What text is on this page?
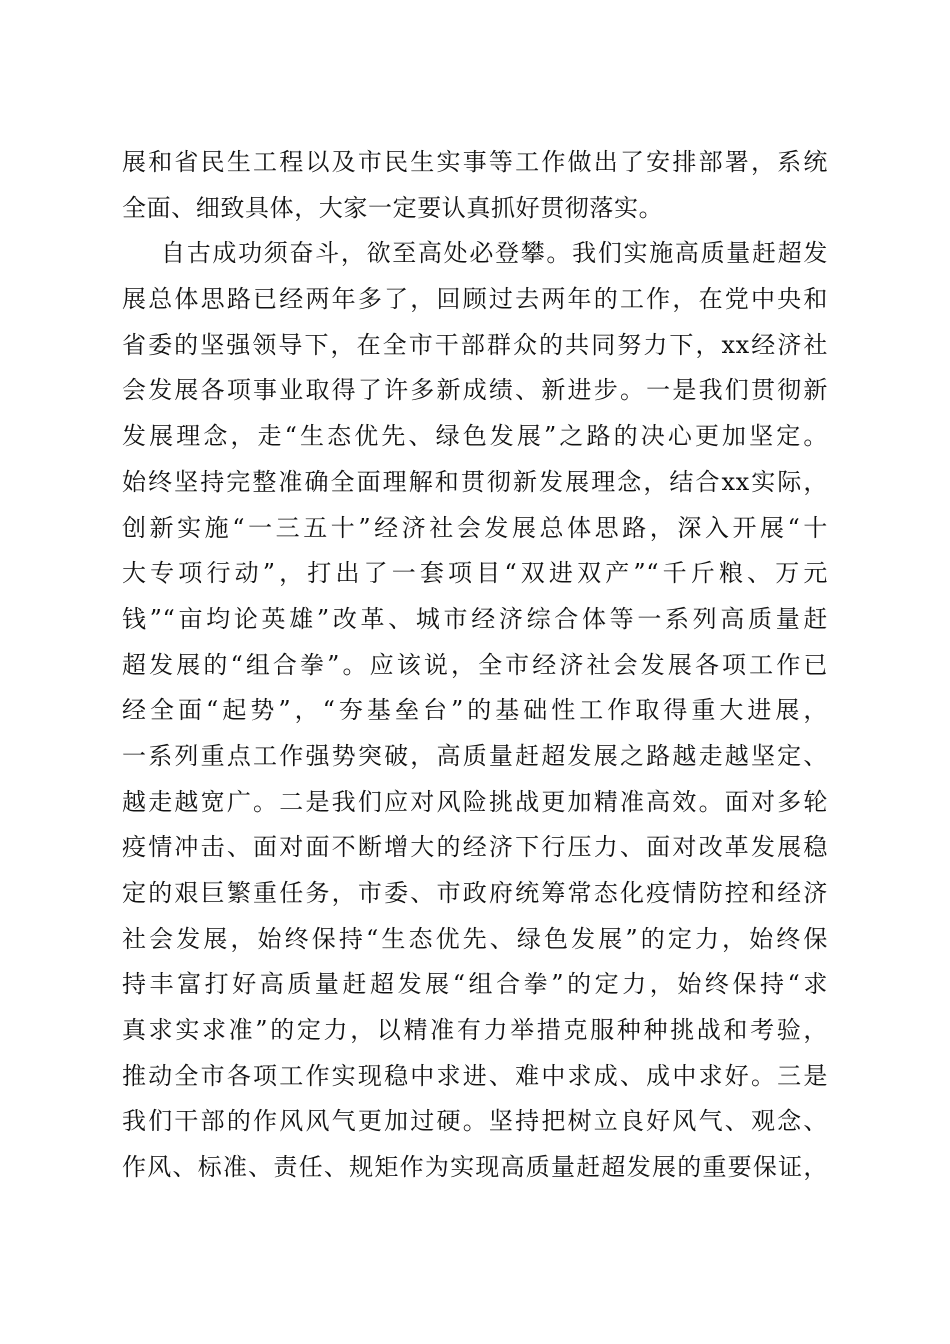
展和省民生工程以及市民生实事等工作做出了安排部署，系统
全面、细致具体，大家一定要认真抓好贯彻落实。
自古成功须奋斗，欲至高处必登攀。我们实施高质量赶超发
展总体思路已经两年多了，回顾过去两年的工作，在党中央和
省委的坚强领导下，在全市干部群众的共同努力下，xx经济社
会发展各项事业取得了许多新成绩、新进步。一是我们贯彻新
发展理念，走“生态优先、绿色发展”之路的决心更加坚定。
始终坚持完整准确全面理解和贯彻新发展理念，结合xx实际，
创新实施“一三五十”经济社会发展总体思路，深入开展“十
大专项行动”，打出了一套项目“双进双产”“千斤粮、万元
钱”“亩均论英雄”改革、城市经济综合体等一系列高质量赶
超发展的“组合拳”。应该说，全市经济社会发展各项工作已
经全面“起势”，“夯基垒台”的基础性工作取得重大进展，
一系列重点工作强势突破，高质量赶超发展之路越走越坚定、
越走越宽广。二是我们应对风险挑战更加精准高效。面对多轮
疫情冲击、面对面不断增大的经济下行压力、面对改革发展稳
定的艰巨繁重任务，市委、市政府统筹常态化疫情防控和经济
社会发展，始终保持“生态优先、绿色发展”的定力，始终保
持丰富打好高质量赶超发展“组合拳”的定力，始终保持“求
真求实求准”的定力，以精准有力举措克服种种挑战和考验，
推动全市各项工作实现稳中求进、难中求成、成中求好。三是
我们干部的作风风气更加过硬。坚持把树立良好风气、观念、
作风、标准、责任、规矩作为实现高质量赶超发展的重要保证，
